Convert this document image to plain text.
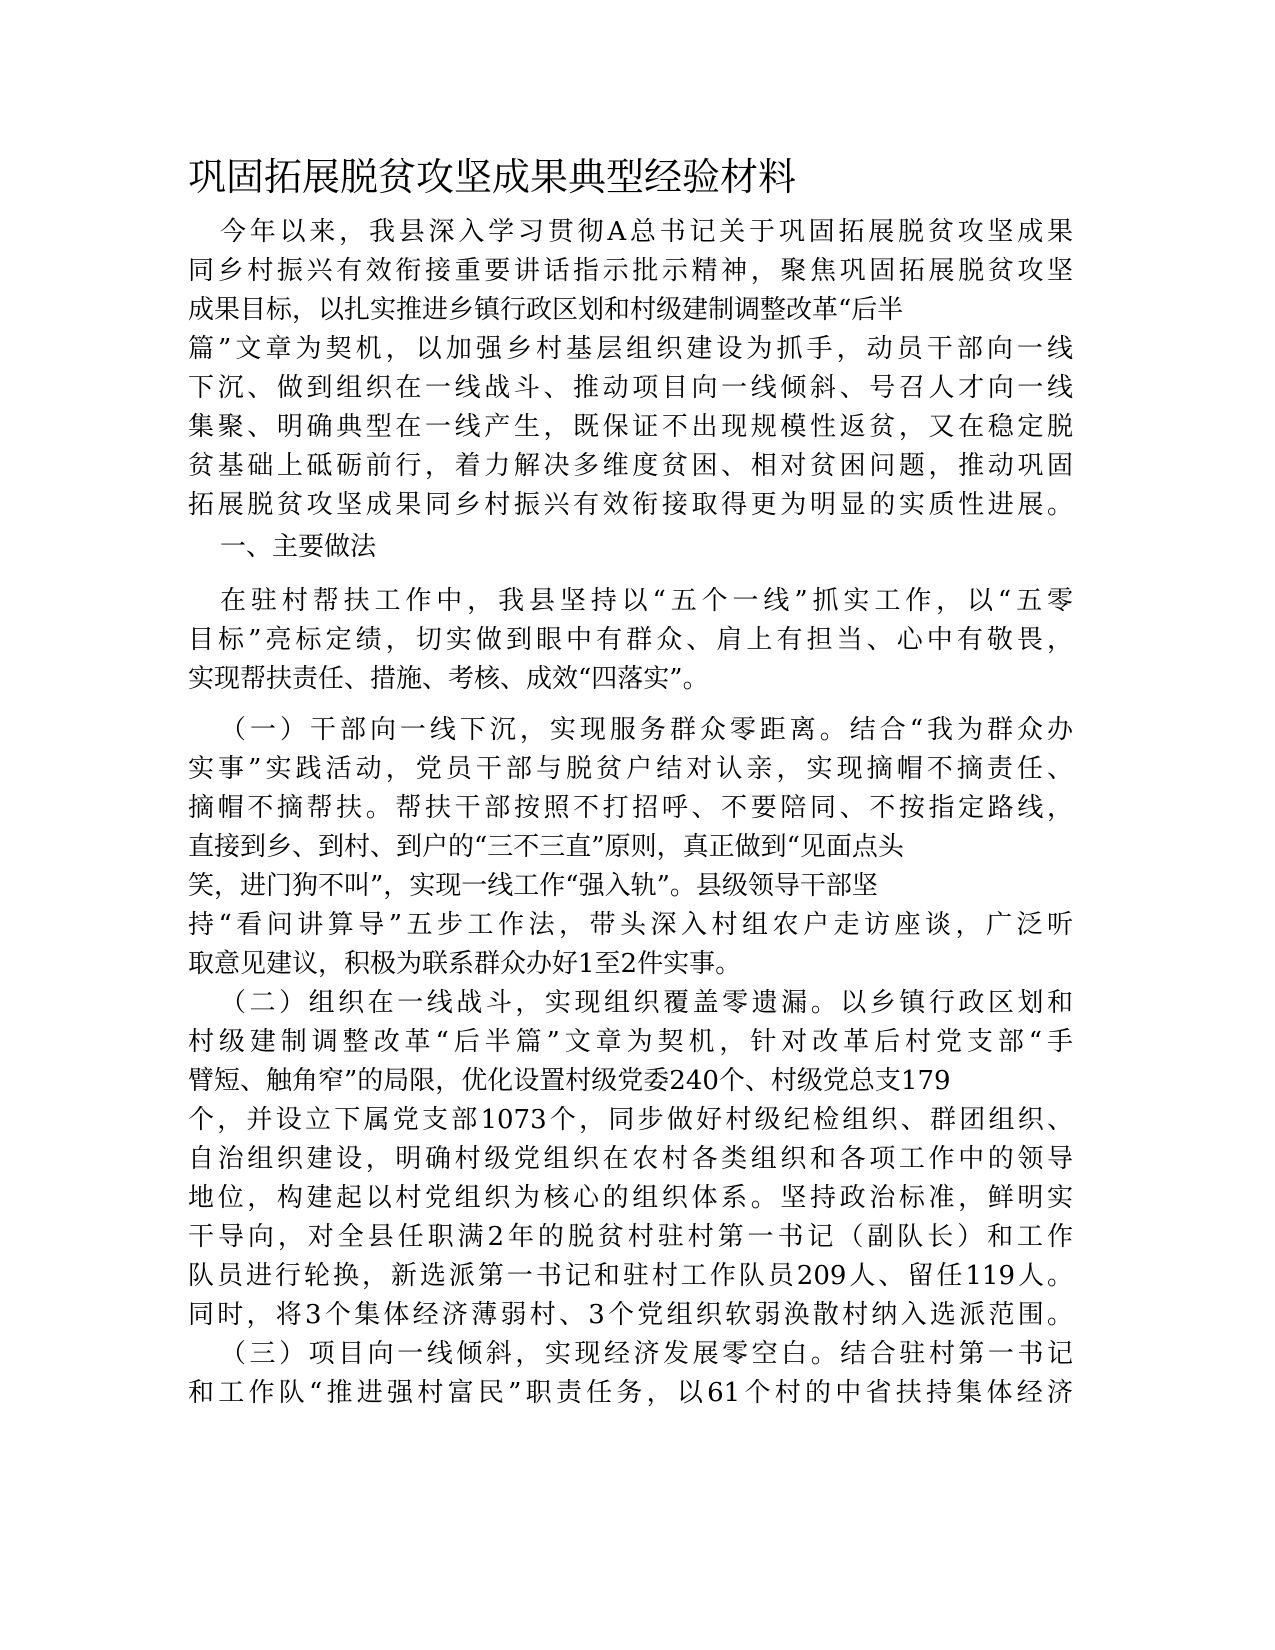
巩固拓展脱贫攻坚成果典型经验材料
今年以来，我县深入学习贯彻A总书记关于巩固拓展脱贫攻坚成果
同乡村振兴有效衔接重要讲话指示批示精神，聚焦巩固拓展脱贫攻坚
成果目标，以扎实推进乡镇行政区划和村级建制调整改革“后半
篇”文章为契机，以加强乡村基层组织建设为抓手，动员干部向一线
下沉、做到组织在一线战斗、推动项目向一线倾斜、号召人才向一线
集聚、明确典型在一线产生，既保证不出现规模性返贫，又在稳定脱
贫基础上砥砺前行，着力解决多维度贫困、相对贫困问题，推动巩固
拓展脱贫攻坚成果同乡村振兴有效衔接取得更为明显的实质性进展。
一、主要做法
在驻村帮扶工作中，我县坚持以“五个一线”抓实工作，以“五零
目标”亮标定绩，切实做到眼中有群众、肩上有担当、心中有敬畏，
实现帮扶责任、措施、考核、成效“四落实”。
（一）干部向一线下沉，实现服务群众零距离。结合“我为群众办
实事”实践活动，党员干部与脱贫户结对认亲，实现摘帽不摘责任、
摘帽不摘帮扶。帮扶干部按照不打招呼、不要陪同、不按指定路线，
直接到乡、到村、到户的“三不三直”原则，真正做到“见面点头
笑，进门狗不叫”，实现一线工作“强入轨”。县级领导干部坚
持“看问讲算导”五步工作法，带头深入村组农户走访座谈，广泛听
取意见建议，积极为联系群众办好1至2件实事。
（二）组织在一线战斗，实现组织覆盖零遗漏。以乡镇行政区划和
村级建制调整改革“后半篇”文章为契机，针对改革后村党支部“手
臂短、触角窄”的局限，优化设置村级党委240个、村级党总支179
个，并设立下属党支部1073个，同步做好村级纪检组织、群团组织、
自治组织建设，明确村级党组织在农村各类组织和各项工作中的领导
地位，构建起以村党组织为核心的组织体系。坚持政治标准，鲜明实
干导向，对全县任职满2年的脱贫村驻村第一书记（副队长）和工作
队员进行轮换，新选派第一书记和驻村工作队员209人、留任119人。
同时，将3个集体经济薄弱村、3个党组织软弱涣散村纳入选派范围。
（三）项目向一线倾斜，实现经济发展零空白。结合驻村第一书记
和工作队“推进强村富民”职责任务，以61个村的中省扶持集体经济
